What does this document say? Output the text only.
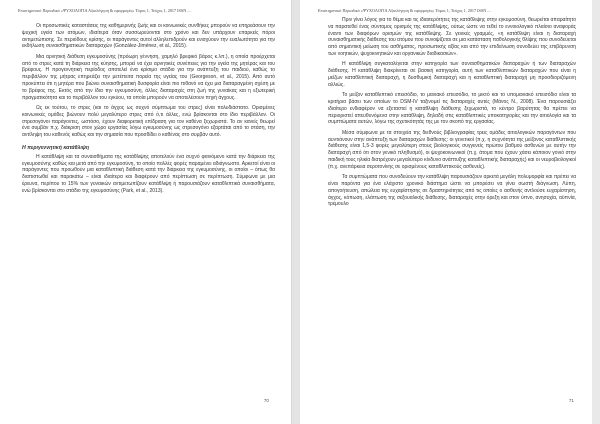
Επιστημονικό Περιοδικό «ΨΥΧΟΛΟΓΙΑ Αξιολόγηση & εφαρμογές» Τόμος 1, Τεύχος 1, 2017 ISSN ....

Οι προσωπικές καταστάσεις της καθημερινής ζωής και οι κοινωνικές συνθήκες μπορούν να επηρεάσουν την ψυχική υγεία των ατόμων, ιδιαίτερα όταν συσσωρεύονται στο χρόνο και δεν υπάρχουν επαρκείς πόροι αντιμετώπισης. Σε περιόδους κρίσης, οι παράγοντες αυτοί αλληλεπιδρούν και ενισχύουν την ευαλωτότητα για την εκδήλωση συναισθηματικών διαταραχών (González-Jiménez, et al., 2015).

Μια αρνητική διάθεση εγκυμοσύνης (πρόωρη γέννηση, χαμηλό βρεφικό βάρος κ.λπ.), η οποία προέρχεται από το στρες κατά τη διάρκεια της κύησης, μπορεί να έχει αρνητικές συνέπειες για την υγεία της μητέρας και του βρέφους. Η προγεννητική περίοδος αποτελεί ένα κρίσιμο στάδιο για την ανάπτυξη του παιδιού, καθώς το περιβάλλον της μήτρας επηρεάζει την μετέπειτα πορεία της υγείας του (Georgeson, et al., 2015). Από αυτό προκύπτει ότι η μητέρα που βιώνει συναισθηματική δυσφορία είναι πιο πιθανό να έχει μια διαταραγμένη σχέση με το βρέφος της. Εκτός από την ίδια την εγκυμοσύνη, άλλες διαταραχές στη ζωή της γυναίκας και η εξωτερική πραγματικότητα και το περιβάλλον του εγκύου, τα οποία μπορούν να αποτελέσουν πηγή άγχους.

Ως εκ τούτου, το στρες (και το άγχος ως συχνό σύμπτωμα του στρες) είναι πολυδιάστατο. Ορισμένες κοινωνικές ομάδες βιώνουν πολύ μεγαλύτερο στρες από ό,τι άλλες, ενώ βρίσκονται στο ίδιο περιβάλλον. Οι στρεσογόνοι παράγοντες, ωστόσο, έχουν διαφορετική επίδραση για τον καθένα ξεχωριστά. Το αν κανείς θεωρεί ένα συμβάν π.χ. διάκριση στον χώρο εργασίας λόγω εγκυμοσύνης ως στρεσογόνο εξαρτάται από το στάση, την αντίληψη του καθενός καθώς και την σημασία που προσδίδει ο καθένας στο συμβάν αυτό.

Η περιγεννητική κατάθλιψη

Η κατάθλιψη και τα συναισθήματα της κατάθλιψης αποτελούν ένα συχνό φαινόμενο κατά την διάρκεια της εγκυμοσύνης καθώς και μετά από την εγκυμοσύνη, το οποίο πολλές φορές παραμένει αδιάγνωστο. Αρκετοί είναι οι παράγοντες που προωθούν μια καταθλιπτική διάθεση κατά την διάρκεια της εγκυμοσύνης, οι οποίοι – όπως θα διαπιστωθεί και παρακάτω – είναι ιδιαίτερα και διαφέρουν από περίπτωση σε περίπτωση. Σύμφωνα με μια έρευνα, περίπου το 15% των γυναικών αντιμετωπίζουν κατάθλιψη ή παρουσιάζουν καταθλιπτικά συναισθήματα, ενώ βρίσκονται στο στάδιο της εγκυμοσύνης (Park, et al., 2013).

70
Επιστημονικό Περιοδικό «ΨΥΧΟΛΟΓΙΑ Αξιολόγηση & εφαρμογές» Τόμος 1, Τεύχος 1, 2017 ISSN ....

Πριν γίνει λόγος για το θέμα και τις ιδιαιτερότητες της κατάθλιψης στην εγκυμοσύνη, θεωρείται απαραίτητο να παρατεθεί ένας σύντομος ορισμός της κατάθλιψης, ούτως ώστε να τεθεί το εννοιολογικό πλαίσιο αναφοράς έναντι των διαφόρων ορισμών της κατάθλιψης. Σε γενικές γραμμές, «η κατάθλιψη είναι η διαταραχή συναισθηματικής διάθεσης του ατόμου που συνοψίζεται σε μια κατάσταση παθολογικής θλίψης που συνοδεύεται από σημαντική μείωση του ασθήματος, προσωπικής αξίας και από την επιδείνωση συνοδεύει της επιβάρυνση των νοητικών, ψυχοκινητικών και οργανικών διαδικασιών».

Η κατάθλιψη συγκαταλέγεται στην κατηγορία των συναισθηματικών διαταραχών ή των διαταραχών διάθεσης. Η κατάθλιψη διακρίνεται σε βασική κατηγορία, αυτή των καταθλιπτικών διαταραχών που είναι η μείζων καταθλιπτική διαταραχή, η δυσθυμική διαταραχή και η καταθλιπτική διαταραχή μη προσδιοριζόμενη αλλιώς.

Το μείζον καταθλιπτικό επεισόδιο, το μανιακό επεισόδιο, το μικτό και το υπομανιακό επεισόδιο είναι τα κριτήρια βάσει των οποίων το DSM-IV ταξινομεί τις διαταραχές αυτές (Μάνος Ν., 2008). Ένα παρουσιάζει ιδιαίτερο ενδιαφέρον να εξεταστεί η κατάθλιψη διάθεσης ξεχωριστά, το κέντρο βαρύτητας θα πρέπει να περιοριστεί απευθυνόμενα στην κατάθλιψη, δηλαδή στις καταθλιπτικές υποκατηγορίες και την αιτιολογία και τα συμπτώματα αυτών, λόγω της σχετικότητάς της με τον σκοπό της εργασίας.

Μέσα σύμφωνα με τα στοιχεία της διεθνούς βιβλιογραφίας τρεις ομάδες αιτιολογικών παραγόντων που αυντιάνουν στην ανάπτυξη των διαταραχών διάθεσης: οι γενετικοί (π.χ. η συχνότητα της μείζονος καταθλιπτικής διάθεσης είναι 1,5-3 φορές μεγαλύτερη στους βιολογικούς συγγενείς πρώτου βαθμού ασθενών με αυτήν την διαταραχή από ότι στον γενικό πληθυσμό), οι ψυχοκοινωνικοί (π.χ. άτομα που έχουν χάσει κάποιον γονιό στην παιδική τους ηλικία διατρέχουν μεγαλύτερο κίνδυνο ανάπτυξης καταθλιπτικής διαταραχής) και οι νευροβιολογικοί (π.χ. ανεπάρκεια σεροτονίνης σε ορισμένους καταθλιπτικούς ασθενείς).

Τα συμπτώματα που συνοδεύουν την κατάθλιψη παρουσιάζουν αρκετά μεγάλη πολυμορφία και πρέπει να είναι παρόντα για ένα ελάχιστο χρονικό διάστημα ώστε να μπορέσει να γίνει σωστή διάγνωση. Λύπη, απογοήτευση, απώλεια της ευχαρίστησης σε δραστηριότητες από τις οποίες ο ασθενής αντλούσε ευχαρίστηση, άγχος, κόπωση, ελάττωση της σεξουαλικής διάθεσης, διαταραχές στην όρεξη και στον ύπνο, ανησυχία, αϋπνία, τρέμουλο

71
